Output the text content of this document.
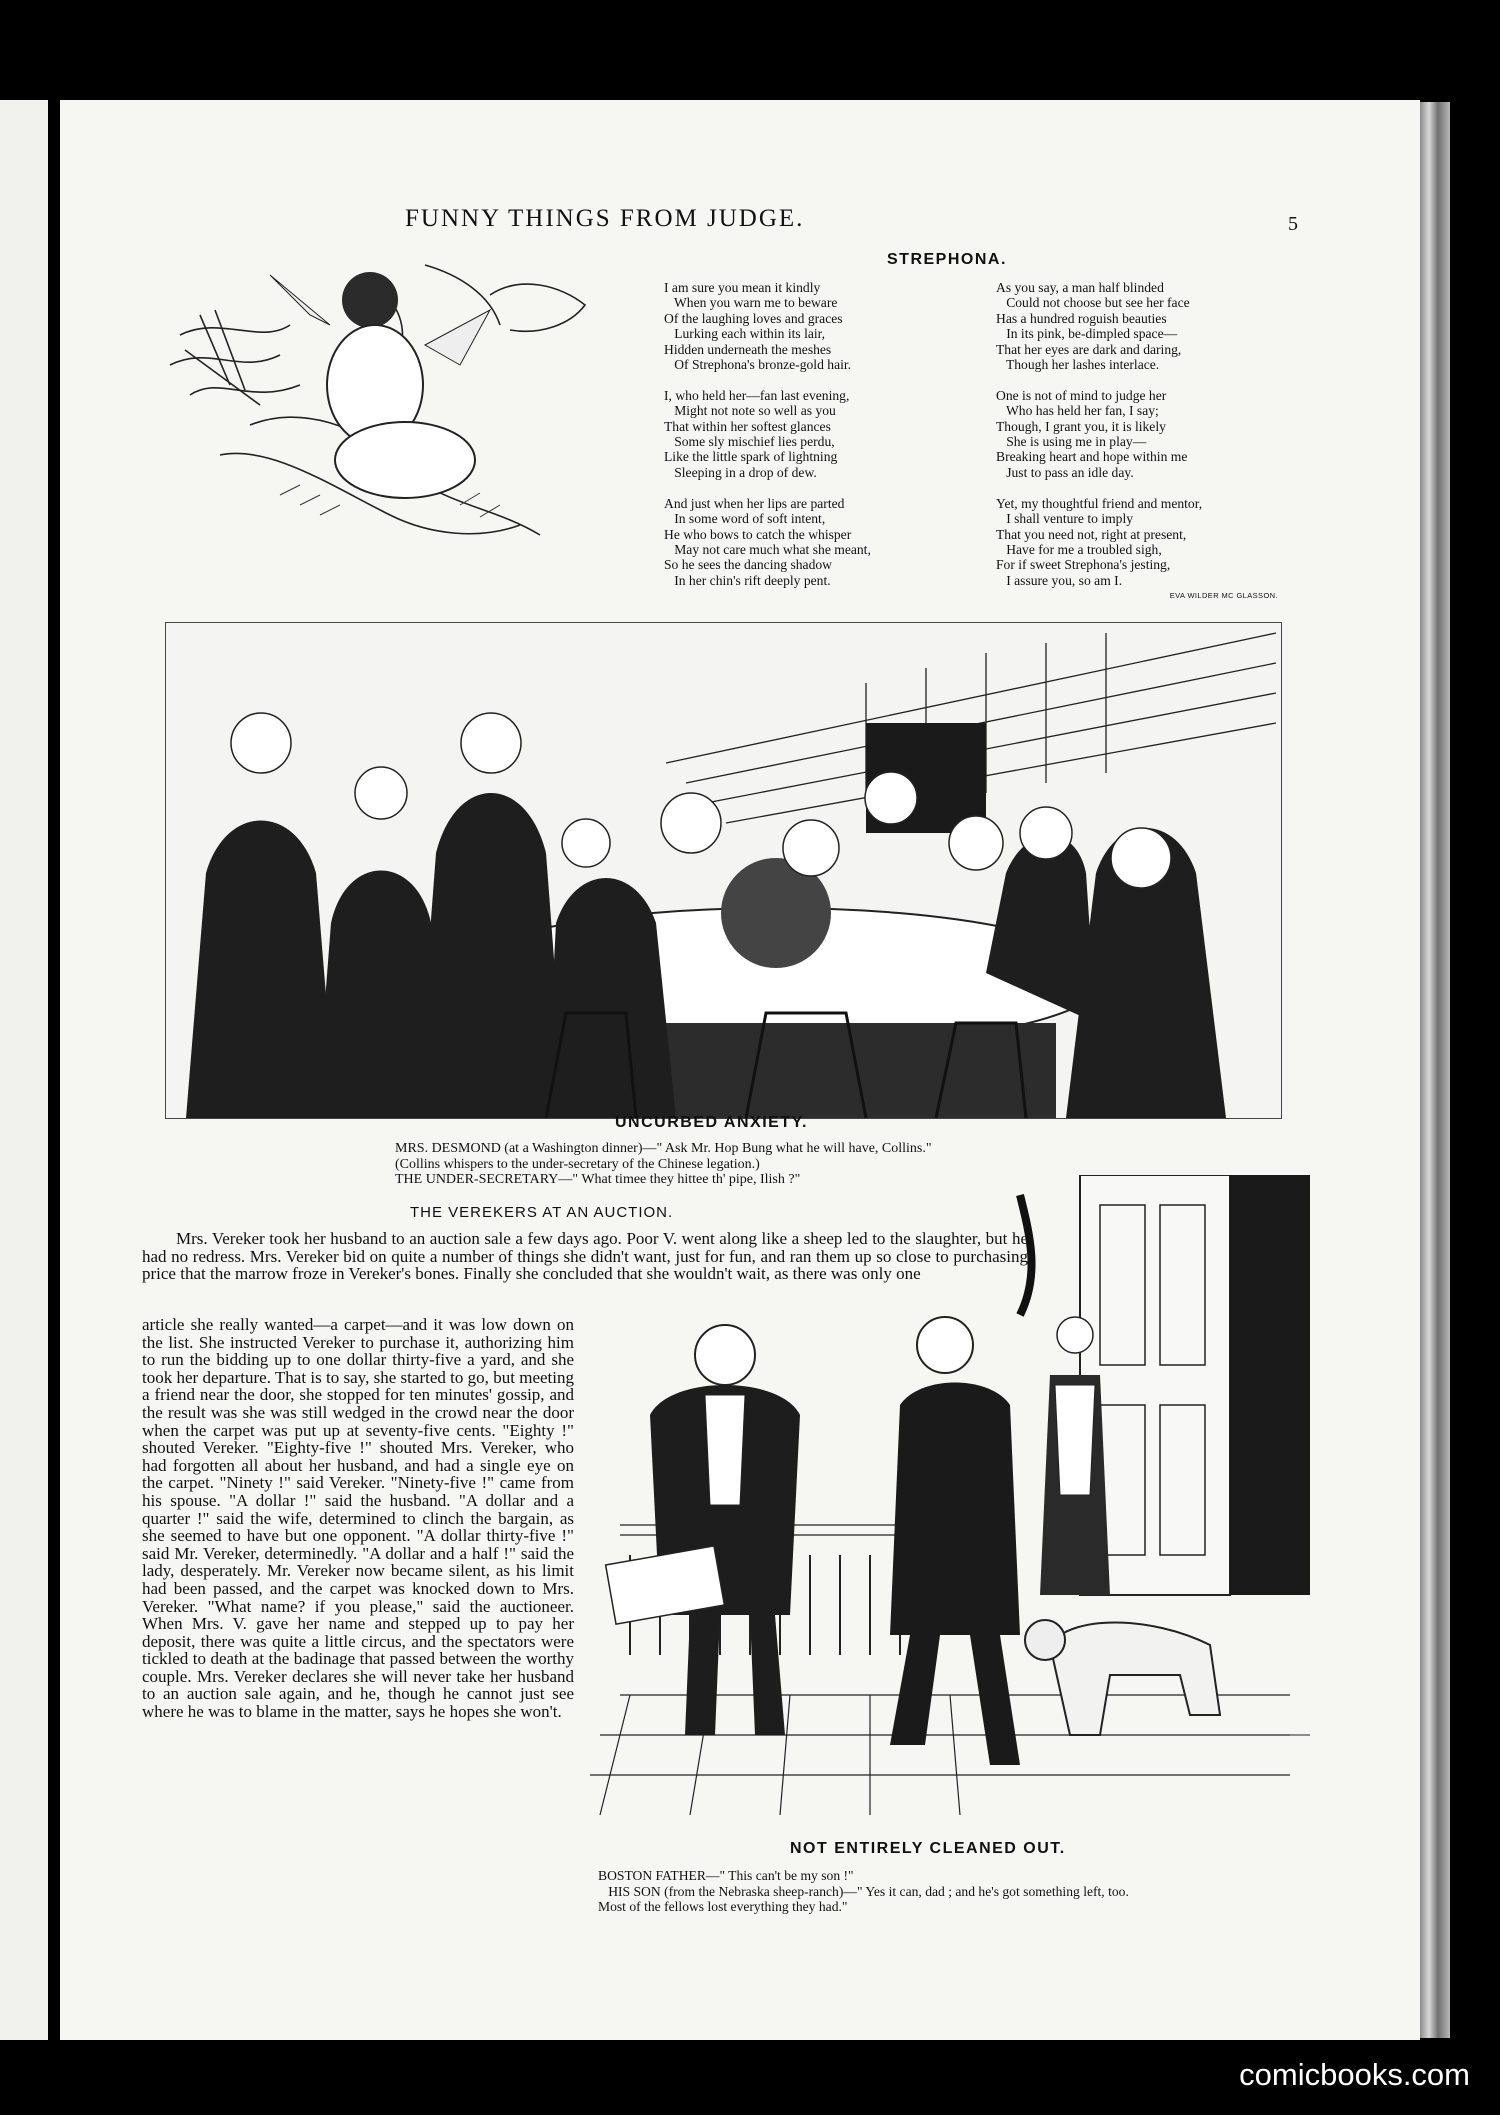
FUNNY THINGS FROM JUDGE.	5
STREPHONA.
I am sure you mean it kindly
When you warn me to beware
Of the laughing loves and graces
Lurking each within its lair,
Hidden underneath the meshes
Of Strephona's bronze-gold hair.

I, who held her—fan last evening,
Might not note so well as you
That within her softest glances
Some sly mischief lies perdu,
Like the little spark of lightning
Sleeping in a drop of dew.

And just when her lips are parted
In some word of soft intent,
He who bows to catch the whisper
May not care much what she meant,
So he sees the dancing shadow
In her chin's rift deeply pent.
As you say, a man half blinded
Could not choose but see her face
Has a hundred roguish beauties
In its pink, be-dimpled space—
That her eyes are dark and daring,
Though her lashes interlace.

One is not of mind to judge her
Who has held her fan, I say;
Though, I grant you, it is likely
She is using me in play—
Breaking heart and hope within me
Just to pass an idle day.

Yet, my thoughtful friend and mentor,
I shall venture to imply
That you need not, right at present,
Have for me a troubled sigh,
For if sweet Strephona's jesting,
I assure you, so am I.
EVA WILDER MC GLASSON.
UNCURBED ANXIETY.
MRS. DESMOND (at a Washington dinner)—" Ask Mr. Hop Bung what he will have, Collins."
(Collins whispers to the under-secretary of the Chinese legation.)
THE UNDER-SECRETARY—" What timee they hittee th' pipe, Ilish ?"
THE VEREKERS AT AN AUCTION.
Mrs. Vereker took her husband to an auction sale a few days ago. Poor V. went along like a sheep led to the slaughter, but he had no redress. Mrs. Vereker bid on quite a number of things she didn't want, just for fun, and ran them up so close to purchasing price that the marrow froze in Vereker's bones. Finally she concluded that she wouldn't wait, as there was only one
article she really wanted—a carpet—and it was low down on the list. She instructed Vereker to purchase it, authorizing him to run the bidding up to one dollar thirty-five a yard, and she took her departure. That is to say, she started to go, but meeting a friend near the door, she stopped for ten minutes' gossip, and the result was she was still wedged in the crowd near the door when the carpet was put up at seventy-five cents. "Eighty !" shouted Vereker. "Eighty-five !" shouted Mrs. Vereker, who had forgotten all about her husband, and had a single eye on the carpet. "Ninety !" said Vereker. "Ninety-five !" came from his spouse. "A dollar !" said the husband. "A dollar and a quarter !" said the wife, determined to clinch the bargain, as she seemed to have but one opponent. "A dollar thirty-five !" said Mr. Vereker, determinedly. "A dollar and a half !" said the lady, desperately. Mr. Vereker now became silent, as his limit had been passed, and the carpet was knocked down to Mrs. Vereker. "What name? if you please," said the auctioneer. When Mrs. V. gave her name and stepped up to pay her deposit, there was quite a little circus, and the spectators were tickled to death at the badinage that passed between the worthy couple. Mrs. Vereker declares she will never take her husband to an auction sale again, and he, though he cannot just see where he was to blame in the matter, says he hopes she won't.
NOT ENTIRELY CLEANED OUT.
BOSTON FATHER—" This can't be my son !"
HIS SON (from the Nebraska sheep-ranch)—" Yes it can, dad ; and he's got something left, too.
Most of the fellows lost everything they had."
comicbooks.com
